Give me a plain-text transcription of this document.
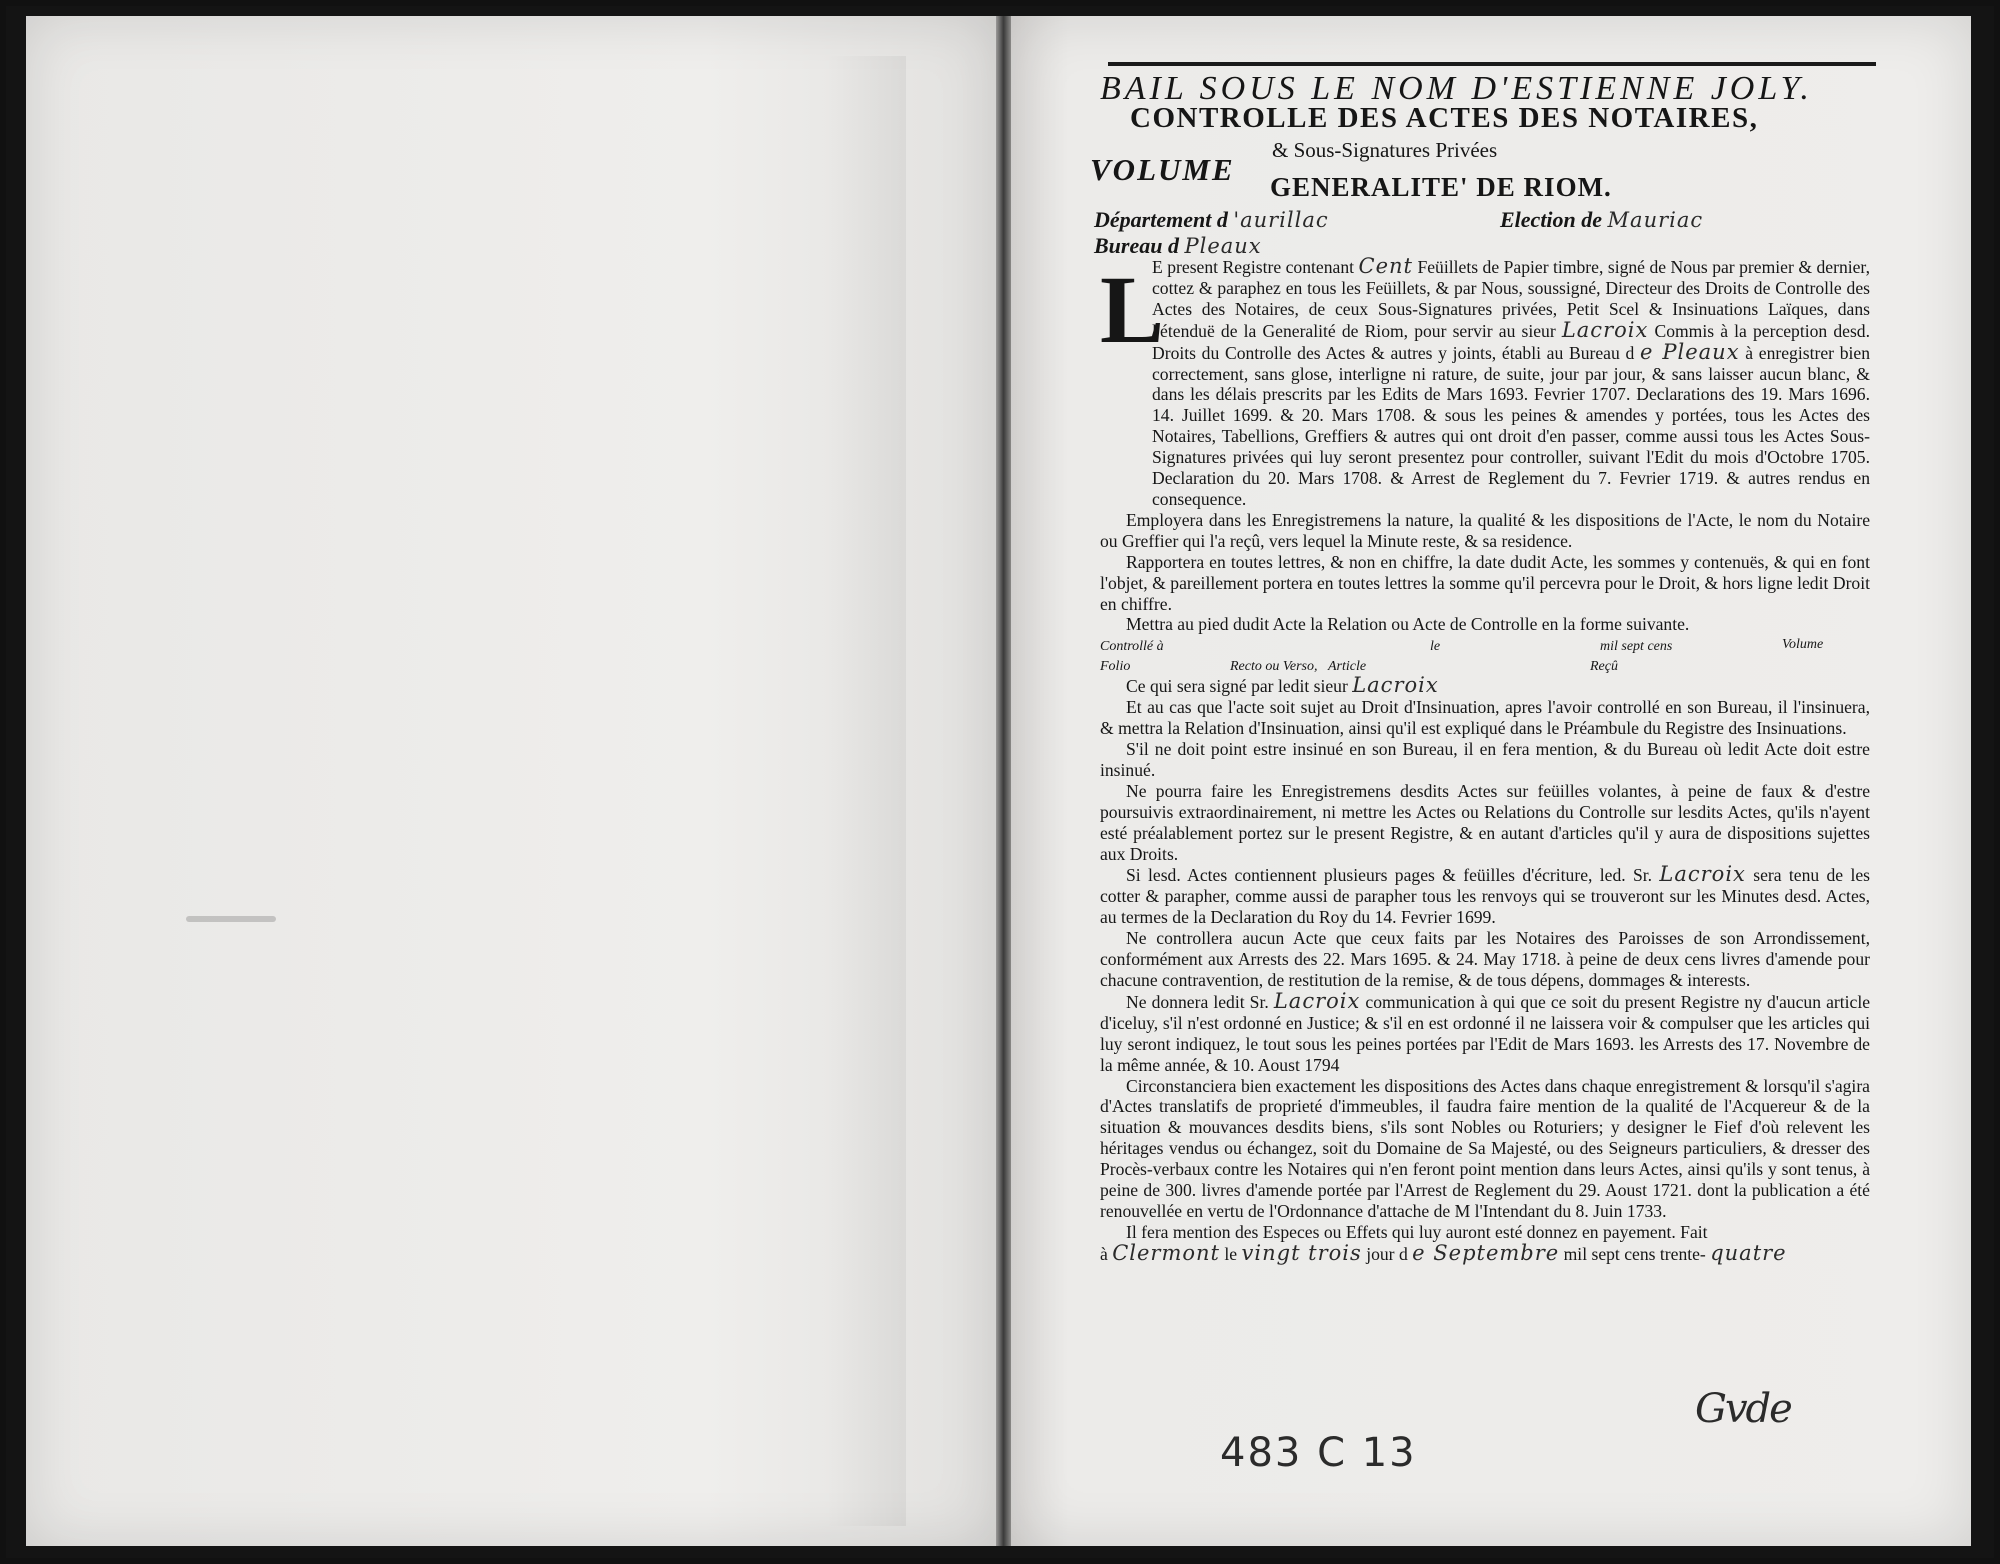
BAIL SOUS LE NOM D'ESTIENNE JOLY.
CONTROLLE DES ACTES DES NOTAIRES,
& Sous-Signatures Privées
VOLUME GENERALITE' DE RIOM.
Département d 'aurillac	Election de Mauriac
Bureau d Pleaux
L

E present Registre contenant Cent Feüillets de Papier timbre, signé de Nous par premier & dernier, cottez & paraphez en tous les Feüillets, & par Nous, soussigné, Directeur des Droits de Controlle des Actes des Notaires, de ceux Sous-Signatures privées, Petit Scel & Insinuations Laïques, dans l'étenduë de la Generalité de Riom, pour servir au sieur Lacroix Commis à la perception desd. Droits du Controlle des Actes & autres y joints, établi au Bureau d e Pleaux à enregistrer bien correctement, sans glose, interligne ni rature, de suite, jour par jour, & sans laisser aucun blanc, & dans les délais prescrits par les Edits de Mars 1693. Fevrier 1707. Declarations des 19. Mars 1696. 14. Juillet 1699. & 20. Mars 1708. & sous les peines & amendes y portées, tous les Actes des Notaires, Tabellions, Greffiers & autres qui ont droit d'en passer, comme aussi tous les Actes Sous-Signatures privées qui luy seront presentez pour controller, suivant l'Edit du mois d'Octobre 1705. Declaration du 20. Mars 1708. & Arrest de Reglement du 7. Fevrier 1719. & autres rendus en consequence.

Employera dans les Enregistremens la nature, la qualité & les dispositions de l'Acte, le nom du Notaire ou Greffier qui l'a reçû, vers lequel la Minute reste, & sa residence.

Rapportera en toutes lettres, & non en chiffre, la date dudit Acte, les sommes y contenuës, & qui en font l'objet, & pareillement portera en toutes lettres la somme qu'il percevra pour le Droit, & hors ligne ledit Droit en chiffre.

Mettra au pied dudit Acte la Relation ou Acte de Controlle en la forme suivante.

Controllé à	le	mil sept cens	Volume
Folio	Recto ou Verso, Article	Reçû

Ce qui sera signé par ledit sieur Lacroix

Et au cas que l'acte soit sujet au Droit d'Insinuation, apres l'avoir controllé en son Bureau, il l'insinuera, & mettra la Relation d'Insinuation, ainsi qu'il est expliqué dans le Préambule du Registre des Insinuations.

S'il ne doit point estre insinué en son Bureau, il en fera mention, & du Bureau où ledit Acte doit estre insinué.

Ne pourra faire les Enregistremens desdits Actes sur feüilles volantes, à peine de faux & d'estre poursuivis extraordinairement, ni mettre les Actes ou Relations du Controlle sur lesdits Actes, qu'ils n'ayent esté préalablement portez sur le present Registre, & en autant d'articles qu'il y aura de dispositions sujettes aux Droits.

Si lesd. Actes contiennent plusieurs pages & feüilles d'écriture, led. Sr. Lacroix sera tenu de les cotter & parapher, comme aussi de parapher tous les renvoys qui se trouveront sur les Minutes desd. Actes, au termes de la Declaration du Roy du 14. Fevrier 1699.

Ne controllera aucun Acte que ceux faits par les Notaires des Paroisses de son Arrondissement, conformément aux Arrests des 22. Mars 1695. & 24. May 1718. à peine de deux cens livres d'amende pour chacune contravention, de restitution de la remise, & de tous dépens, dommages & interests.

Ne donnera ledit Sr. Lacroix communication à qui que ce soit du present Registre ny d'aucun article d'iceluy, s'il n'est ordonné en Justice; & s'il en est ordonné il ne laissera voir & compulser que les articles qui luy seront indiquez, le tout sous les peines portées par l'Edit de Mars 1693. les Arrests des 17. Novembre de la même année, & 10. Aoust 1794

Circonstanciera bien exactement les dispositions des Actes dans chaque enregistrement & lorsqu'il s'agira d'Actes translatifs de proprieté d'immeubles, il faudra faire mention de la qualité de l'Acquereur & de la situation & mouvances desdits biens, s'ils sont Nobles ou Roturiers; y designer le Fief d'où relevent les héritages vendus ou échangez, soit du Domaine de Sa Majesté, ou des Seigneurs particuliers, & dresser des Procès-verbaux contre les Notaires qui n'en feront point mention dans leurs Actes, ainsi qu'ils y sont tenus, à peine de 300. livres d'amende portée par l'Arrest de Reglement du 29. Aoust 1721. dont la publication a été renouvellée en vertu de l'Ordonnance d'attache de M l'Intendant du 8. Juin 1733.

Il fera mention des Especes ou Effets qui luy auront esté donnez en payement. Fait

à Clermont le vingt trois jour d e Septembre mil sept cens trente- quatre

Gvde
483 C 13
